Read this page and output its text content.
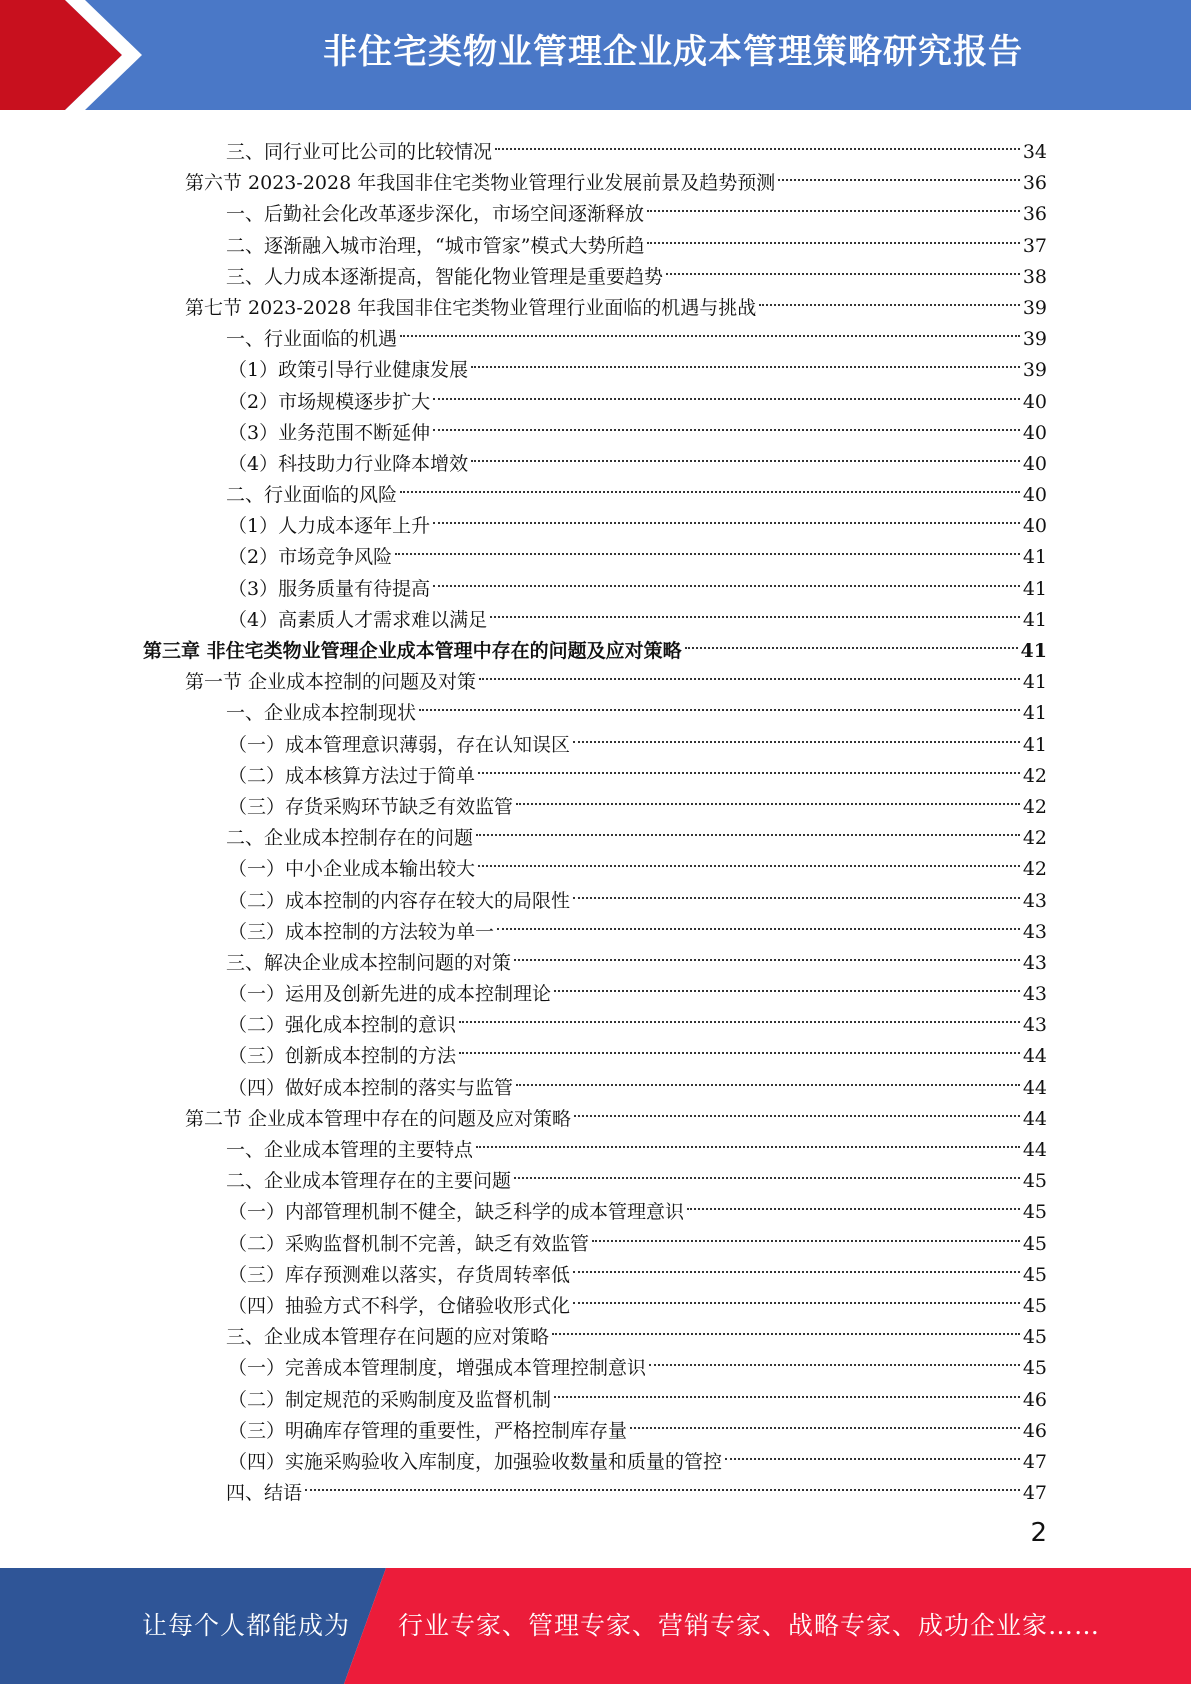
非住宅类物业管理企业成本管理策略研究报告
三、同行业可比公司的比较情况	34
第六节 2023-2028 年我国非住宅类物业管理行业发展前景及趋势预测	36
一、后勤社会化改革逐步深化，市场空间逐渐释放	36
二、逐渐融入城市治理，“城市管家”模式大势所趋	37
三、人力成本逐渐提高，智能化物业管理是重要趋势	38
第七节 2023-2028 年我国非住宅类物业管理行业面临的机遇与挑战	39
一、行业面临的机遇	39
（1）政策引导行业健康发展	39
（2）市场规模逐步扩大	40
（3）业务范围不断延伸	40
（4）科技助力行业降本增效	40
二、行业面临的风险	40
（1）人力成本逐年上升	40
（2）市场竞争风险	41
（3）服务质量有待提高	41
（4）高素质人才需求难以满足	41
第三章 非住宅类物业管理企业成本管理中存在的问题及应对策略	41
第一节 企业成本控制的问题及对策	41
一、企业成本控制现状	41
（一）成本管理意识薄弱，存在认知误区	41
（二）成本核算方法过于简单	42
（三）存货采购环节缺乏有效监管	42
二、企业成本控制存在的问题	42
（一）中小企业成本输出较大	42
（二）成本控制的内容存在较大的局限性	43
（三）成本控制的方法较为单一	43
三、解决企业成本控制问题的对策	43
（一）运用及创新先进的成本控制理论	43
（二）强化成本控制的意识	43
（三）创新成本控制的方法	44
（四）做好成本控制的落实与监管	44
第二节 企业成本管理中存在的问题及应对策略	44
一、企业成本管理的主要特点	44
二、企业成本管理存在的主要问题	45
（一）内部管理机制不健全，缺乏科学的成本管理意识	45
（二）采购监督机制不完善，缺乏有效监管	45
（三）库存预测难以落实，存货周转率低	45
（四）抽验方式不科学，仓储验收形式化	45
三、企业成本管理存在问题的应对策略	45
（一）完善成本管理制度，增强成本管理控制意识	45
（二）制定规范的采购制度及监督机制	46
（三）明确库存管理的重要性，严格控制库存量	46
（四）实施采购验收入库制度，加强验收数量和质量的管控	47
四、结语	47
2
让每个人都能成为 行业专家、管理专家、营销专家、战略专家、成功企业家……
